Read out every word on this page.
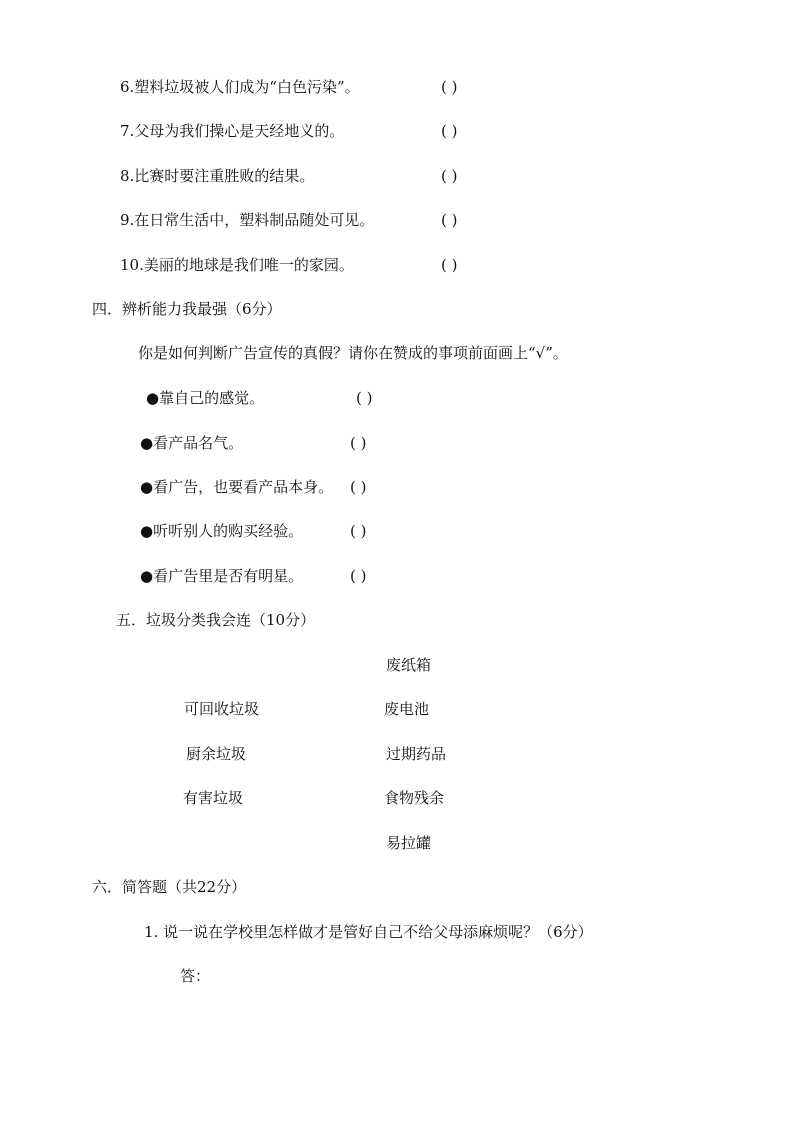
6.塑料垃圾被人们成为“白色污染”。	( )
7.父母为我们操心是天经地义的。	( )
8.比赛时要注重胜败的结果。	( )
9.在日常生活中，塑料制品随处可见。	( )
10.美丽的地球是我们唯一的家园。	( )
四．辨析能力我最强（6分）
你是如何判断广告宣传的真假？请你在赞成的事项前面画上“√”。
●靠自己的感觉。	( )
●看产品名气。	( )
●看广告，也要看产品本身。 ( )
●听听别人的购买经验。	( )
●看广告里是否有明星。	( )
五．垃圾分类我会连（10分）
废纸箱
可回收垃圾	废电池
厨余垃圾	过期药品
有害垃圾	食物残余
易拉罐
六．简答题（共22分）
1. 说一说在学校里怎样做才是管好自己不给父母添麻烦呢？（6分）
答：
